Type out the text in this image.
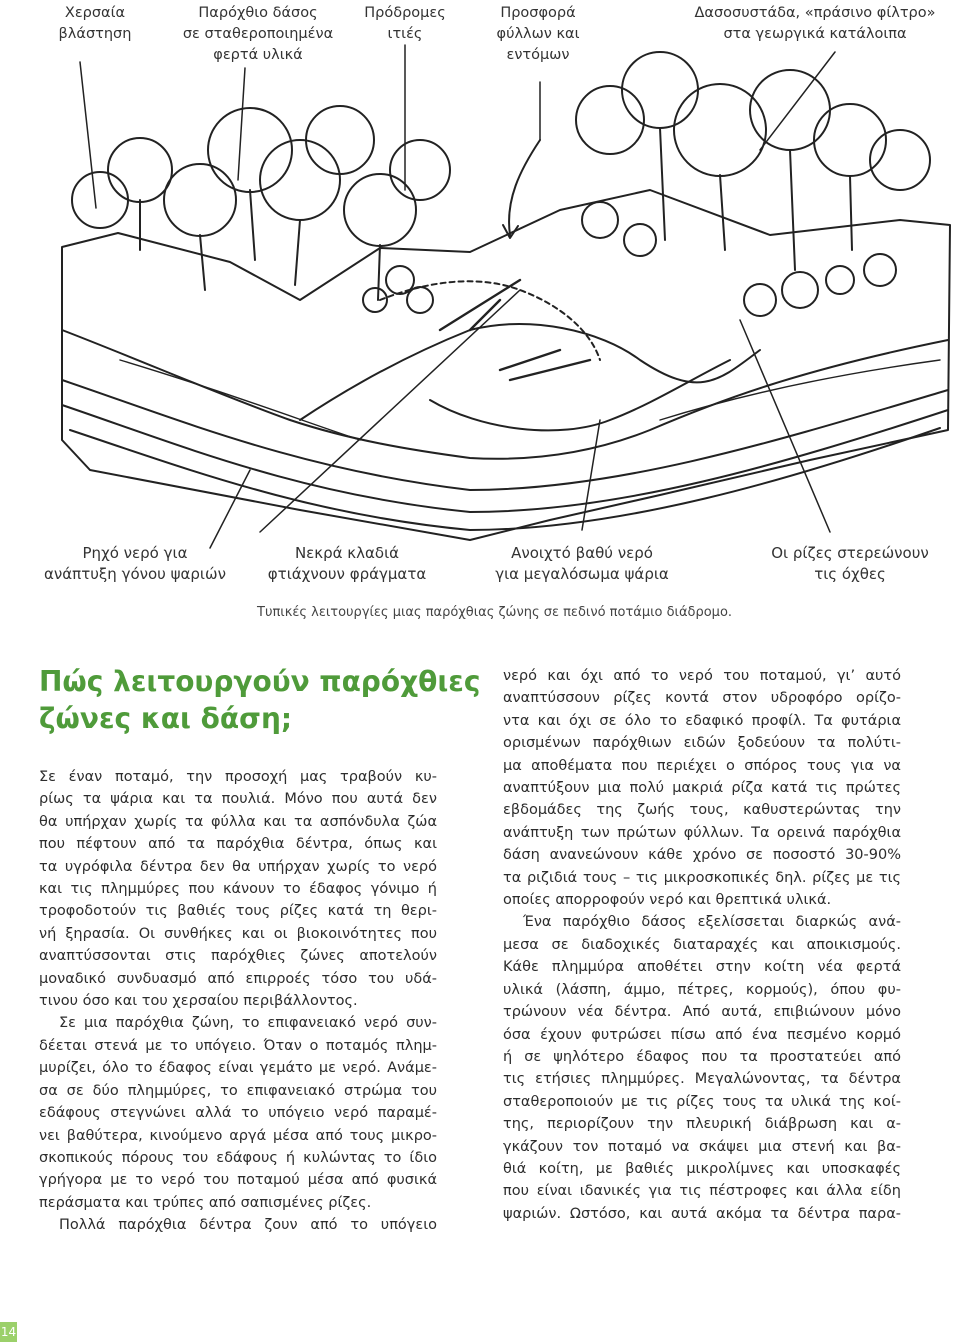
Χερσαία
βλάστηση
Παρόχθιο δάσος
σε σταθεροποιημένα
φερτά υλικά
Πρόδρομες
ιτιές
Προσφορά
φύλλων και
εντόμων
Δασοσυστάδα, «πράσινο φίλτρο»
στα γεωργικά κατάλοιπα
Ρηχό νερό για
ανάπτυξη γόνου ψαριών
Νεκρά κλαδιά
φτιάχνουν φράγματα
Ανοιχτό βαθύ νερό
για μεγαλόσωμα ψάρια
Οι ρίζες στερεώνουν
τις όχθες
Τυπικές λειτουργίες μιας παρόχθιας ζώνης σε πεδινό ποτάμιο διάδρομο.
Πώς λειτουργούν παρόχθιες
ζώνες και δάση;
Σε έναν ποταμό, την προσοχή μας τραβούν κυ-
ρίως τα ψάρια και τα πουλιά. Μόνο που αυτά δεν
θα υπήρχαν χωρίς τα φύλλα και τα ασπόνδυλα ζώα
που πέφτουν από τα παρόχθια δέντρα, όπως και
τα υγρόφιλα δέντρα δεν θα υπήρχαν χωρίς το νερό
και τις πλημμύρες που κάνουν το έδαφος γόνιμο ή
τροφοδοτούν τις βαθιές τους ρίζες κατά τη θερι-
νή ξηρασία. Οι συνθήκες και οι βιοκοινότητες που
αναπτύσσονται στις παρόχθιες ζώνες αποτελούν
μοναδικό συνδυασμό από επιρροές τόσο του υδά-
τινου όσο και του χερσαίου περιβάλλοντος.
Σε μια παρόχθια ζώνη, το επιφανειακό νερό συν-
δέεται στενά με το υπόγειο. Όταν ο ποταμός πλημ-
μυρίζει, όλο το έδαφος είναι γεμάτο με νερό. Ανάμε-
σα σε δύο πλημμύρες, το επιφανειακό στρώμα του
εδάφους στεγνώνει αλλά το υπόγειο νερό παραμέ-
νει βαθύτερα, κινούμενο αργά μέσα από τους μικρο-
σκοπικούς πόρους του εδάφους ή κυλώντας το ίδιο
γρήγορα με το νερό του ποταμού μέσα από φυσικά
περάσματα και τρύπες από σαπισμένες ρίζες.
Πολλά παρόχθια δέντρα ζουν από το υπόγειο
νερό και όχι από το νερό του ποταμού, γι’ αυτό
αναπτύσσουν ρίζες κοντά στον υδροφόρο ορίζο-
ντα και όχι σε όλο το εδαφικό προφίλ. Τα φυτάρια
ορισμένων παρόχθιων ειδών ξοδεύουν τα πολύτι-
μα αποθέματα που περιέχει ο σπόρος τους για να
αναπτύξουν μια πολύ μακριά ρίζα κατά τις πρώτες
εβδομάδες της ζωής τους, καθυστερώντας την
ανάπτυξη των πρώτων φύλλων. Τα ορεινά παρόχθια
δάση ανανεώνουν κάθε χρόνο σε ποσοστό 30-90%
τα ριζιδιά τους – τις μικροσκοπικές δηλ. ρίζες με τις
οποίες απορροφούν νερό και θρεπτικά υλικά.
Ένα παρόχθιο δάσος εξελίσσεται διαρκώς ανά-
μεσα σε διαδοχικές διαταραχές και αποικισμούς.
Κάθε πλημμύρα αποθέτει στην κοίτη νέα φερτά
υλικά (λάσπη, άμμο, πέτρες, κορμούς), όπου φυ-
τρώνουν νέα δέντρα. Από αυτά, επιβιώνουν μόνο
όσα έχουν φυτρώσει πίσω από ένα πεσμένο κορμό
ή σε ψηλότερο έδαφος που τα προστατεύει από
τις ετήσιες πλημμύρες. Μεγαλώνοντας, τα δέντρα
σταθεροποιούν με τις ρίζες τους τα υλικά της κοί-
της, περιορίζουν την πλευρική διάβρωση και α-
γκάζουν τον ποταμό να σκάψει μια στενή και βα-
θιά κοίτη, με βαθιές μικρολίμνες και υποσκαφές
που είναι ιδανικές για τις πέστροφες και άλλα είδη
ψαριών. Ωστόσο, και αυτά ακόμα τα δέντρα παρα-
14
